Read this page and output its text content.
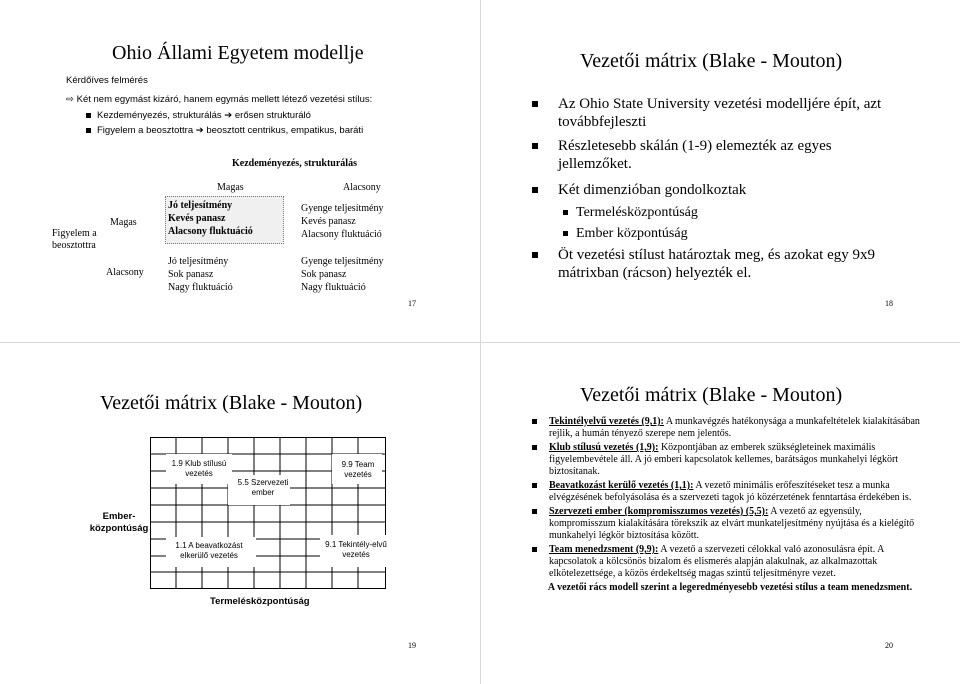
Ohio Állami Egyetem modellje
Kérdőíves felmérés
⇨ Két nem egymást kizáró, hanem egymás mellett létező vezetési stílus:
Kezdeményezés, strukturálás ➔ erősen strukturáló
Figyelem a beosztottra ➔ beosztott centrikus, empatikus, baráti
Kezdeményezés, strukturálás
Magas	Alacsony
Figyelem a beosztottra
Magas
Alacsony
Jó teljesítmény
Kevés panasz
Alacsony fluktuáció
Gyenge teljesítmény
Kevés panasz
Alacsony fluktuáció
Jó teljesítmény
Sok panasz
Nagy fluktuáció
Gyenge teljesítmény
Sok panasz
Nagy fluktuáció
17
Vezetői mátrix (Blake - Mouton)
Az Ohio State University vezetési modelljére épít, azt továbbfejleszti
Részletesebb skálán (1-9) elemezték az egyes jellemzőket.
Két dimenzióban gondolkoztak
Termelésközpontúság
Ember központúság
Öt vezetési stílust határoztak meg, és azokat egy 9x9 mátrixban (rácson) helyezték el.
18
Vezetői mátrix (Blake - Mouton)
1.9 Klub stílusú vezetés
5.5 Szervezeti ember
9.9 Team vezetés
1.1 A beavatkozást elkerülő vezetés
9.1 Tekintély-elvű vezetés
Ember-központúság
Termelésközpontúság
19
Vezetői mátrix (Blake - Mouton)
Tekintélyelvű vezetés (9,1): A munkavégzés hatékonysága a munkafeltételek kialakításában rejlik, a humán tényező szerepe nem jelentős.
Klub stílusú vezetés (1,9): Központjában az emberek szükségleteinek maximális figyelembevétele áll. A jó emberi kapcsolatok kellemes, barátságos munkahelyi légkört biztosítanak.
Beavatkozást kerülő vezetés (1,1): A vezető minimális erőfeszítéseket tesz a munka elvégzésének befolyásolása és a szervezeti tagok jó közérzetének fenntartása érdekében is.
Szervezeti ember (kompromisszumos vezetés) (5,5): A vezető az egyensúly, kompromisszum kialakítására törekszik az elvárt munkateljesítmény nyújtása és a kielégítő munkahelyi légkör biztosítása között.
Team menedzsment (9,9): A vezető a szervezeti célokkal való azonosulásra épít. A kapcsolatok a kölcsönös bizalom és elismerés alapján alakulnak, az alkalmazottak elkötelezettsége, a közös érdekeltség magas szintű teljesítményre vezet.
A vezetői rács modell szerint a legeredményesebb vezetési stílus a team menedzsment.
20
